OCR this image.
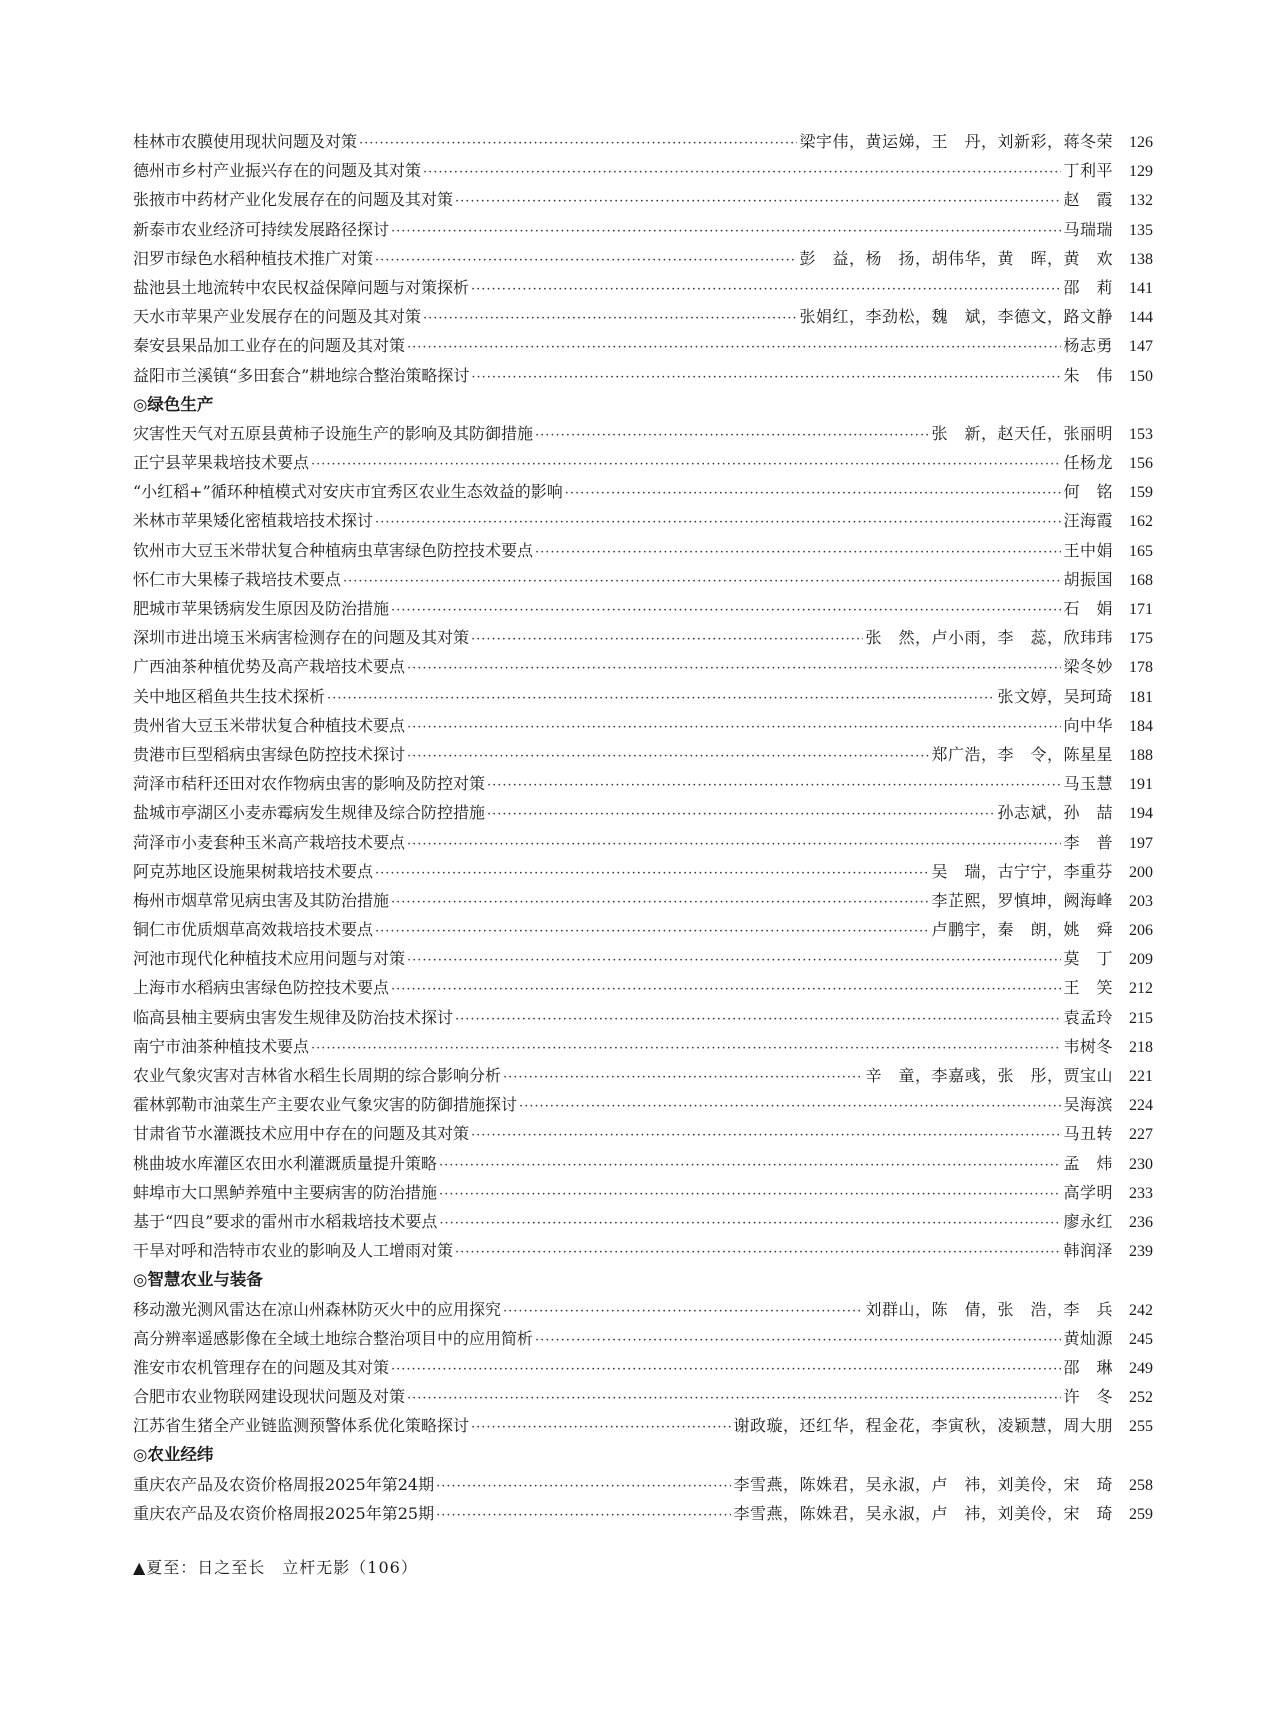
桂林市农膜使用现状问题及对策 ·····	梁宇伟，黄运娣，王　丹，刘新彩，蒋冬荣	126
德州市乡村产业振兴存在的问题及其对策 ·····	丁利平	129
张掖市中药材产业化发展存在的问题及其对策 ·····	赵　霞	132
新泰市农业经济可持续发展路径探讨 ·····	马瑞瑞	135
汨罗市绿色水稻种植技术推广对策 ·····	彭　益，杨　扬，胡伟华，黄　晖，黄　欢	138
盐池县土地流转中农民权益保障问题与对策探析 ·····	邵　莉	141
天水市苹果产业发展存在的问题及其对策 ·····	张娟红，李劲松，魏　斌，李德文，路文静	144
秦安县果品加工业存在的问题及其对策 ·····	杨志勇	147
益阳市兰溪镇“多田套合”耕地综合整治策略探讨 ·····	朱　伟	150
◎绿色生产
灾害性天气对五原县黄柿子设施生产的影响及其防御措施 ·····	张　新，赵天任，张丽明	153
正宁县苹果栽培技术要点 ·····	任杨龙	156
“小红稻+”循环种植模式对安庆市宜秀区农业生态效益的影响 ·····	何　铭	159
米林市苹果矮化密植栽培技术探讨 ·····	汪海霞	162
钦州市大豆玉米带状复合种植病虫草害绿色防控技术要点 ·····	王中娟	165
怀仁市大果榛子栽培技术要点 ·····	胡振国	168
肥城市苹果锈病发生原因及防治措施 ·····	石　娟	171
深圳市进出境玉米病害检测存在的问题及其对策 ·····	张　然，卢小雨，李　蕊，欣玮玮	175
广西油茶种植优势及高产栽培技术要点 ·····	梁冬妙	178
关中地区稻鱼共生技术探析 ·····	张文婷，吴珂琦	181
贵州省大豆玉米带状复合种植技术要点 ·····	向中华	184
贵港市巨型稻病虫害绿色防控技术探讨 ·····	郑广浩，李　令，陈星星	188
菏泽市秸秆还田对农作物病虫害的影响及防控对策 ·····	马玉慧	191
盐城市亭湖区小麦赤霉病发生规律及综合防控措施 ·····	孙志斌，孙　喆	194
菏泽市小麦套种玉米高产栽培技术要点 ·····	李　普	197
阿克苏地区设施果树栽培技术要点 ·····	吴　瑞，古宁宁，李重芬	200
梅州市烟草常见病虫害及其防治措施 ·····	李芷熙，罗慎坤，阙海峰	203
铜仁市优质烟草高效栽培技术要点 ·····	卢鹏宇，秦　朗，姚　舜	206
河池市现代化种植技术应用问题与对策 ·····	莫　丁	209
上海市水稻病虫害绿色防控技术要点 ·····	王　笑	212
临高县柚主要病虫害发生规律及防治技术探讨 ·····	袁孟玲	215
南宁市油茶种植技术要点 ·····	韦树冬	218
农业气象灾害对吉林省水稻生长周期的综合影响分析 ·····	辛　童，李嘉彧，张　彤，贾宝山	221
霍林郭勒市油菜生产主要农业气象灾害的防御措施探讨 ·····	吴海滨	224
甘肃省节水灌溉技术应用中存在的问题及其对策 ·····	马丑转	227
桃曲坡水库灌区农田水利灌溉质量提升策略 ·····	孟　炜	230
蚌埠市大口黑鲈养殖中主要病害的防治措施 ·····	高学明	233
基于“四良”要求的雷州市水稻栽培技术要点 ·····	廖永红	236
干旱对呼和浩特市农业的影响及人工增雨对策 ·····	韩润泽	239
◎智慧农业与装备
移动激光测风雷达在凉山州森林防灭火中的应用探究 ·····	刘群山，陈　倩，张　浩，李　兵	242
高分辨率遥感影像在全域土地综合整治项目中的应用简析 ·····	黄灿源	245
淮安市农机管理存在的问题及其对策 ·····	邵　琳	249
合肥市农业物联网建设现状问题及对策 ·····	许　冬	252
江苏省生猪全产业链监测预警体系优化策略探讨 ·····	谢政璇，还红华，程金花，李寅秋，凌颖慧，周大朋	255
◎农业经纬
重庆农产品及农资价格周报2025年第24期 ·····	李雪燕，陈姝君，吴永淑，卢　祎，刘美伶，宋　琦	258
重庆农产品及农资价格周报2025年第25期 ·····	李雪燕，陈姝君，吴永淑，卢　祎，刘美伶，宋　琦	259
▲夏至：日之至长　立杆无影（106）
